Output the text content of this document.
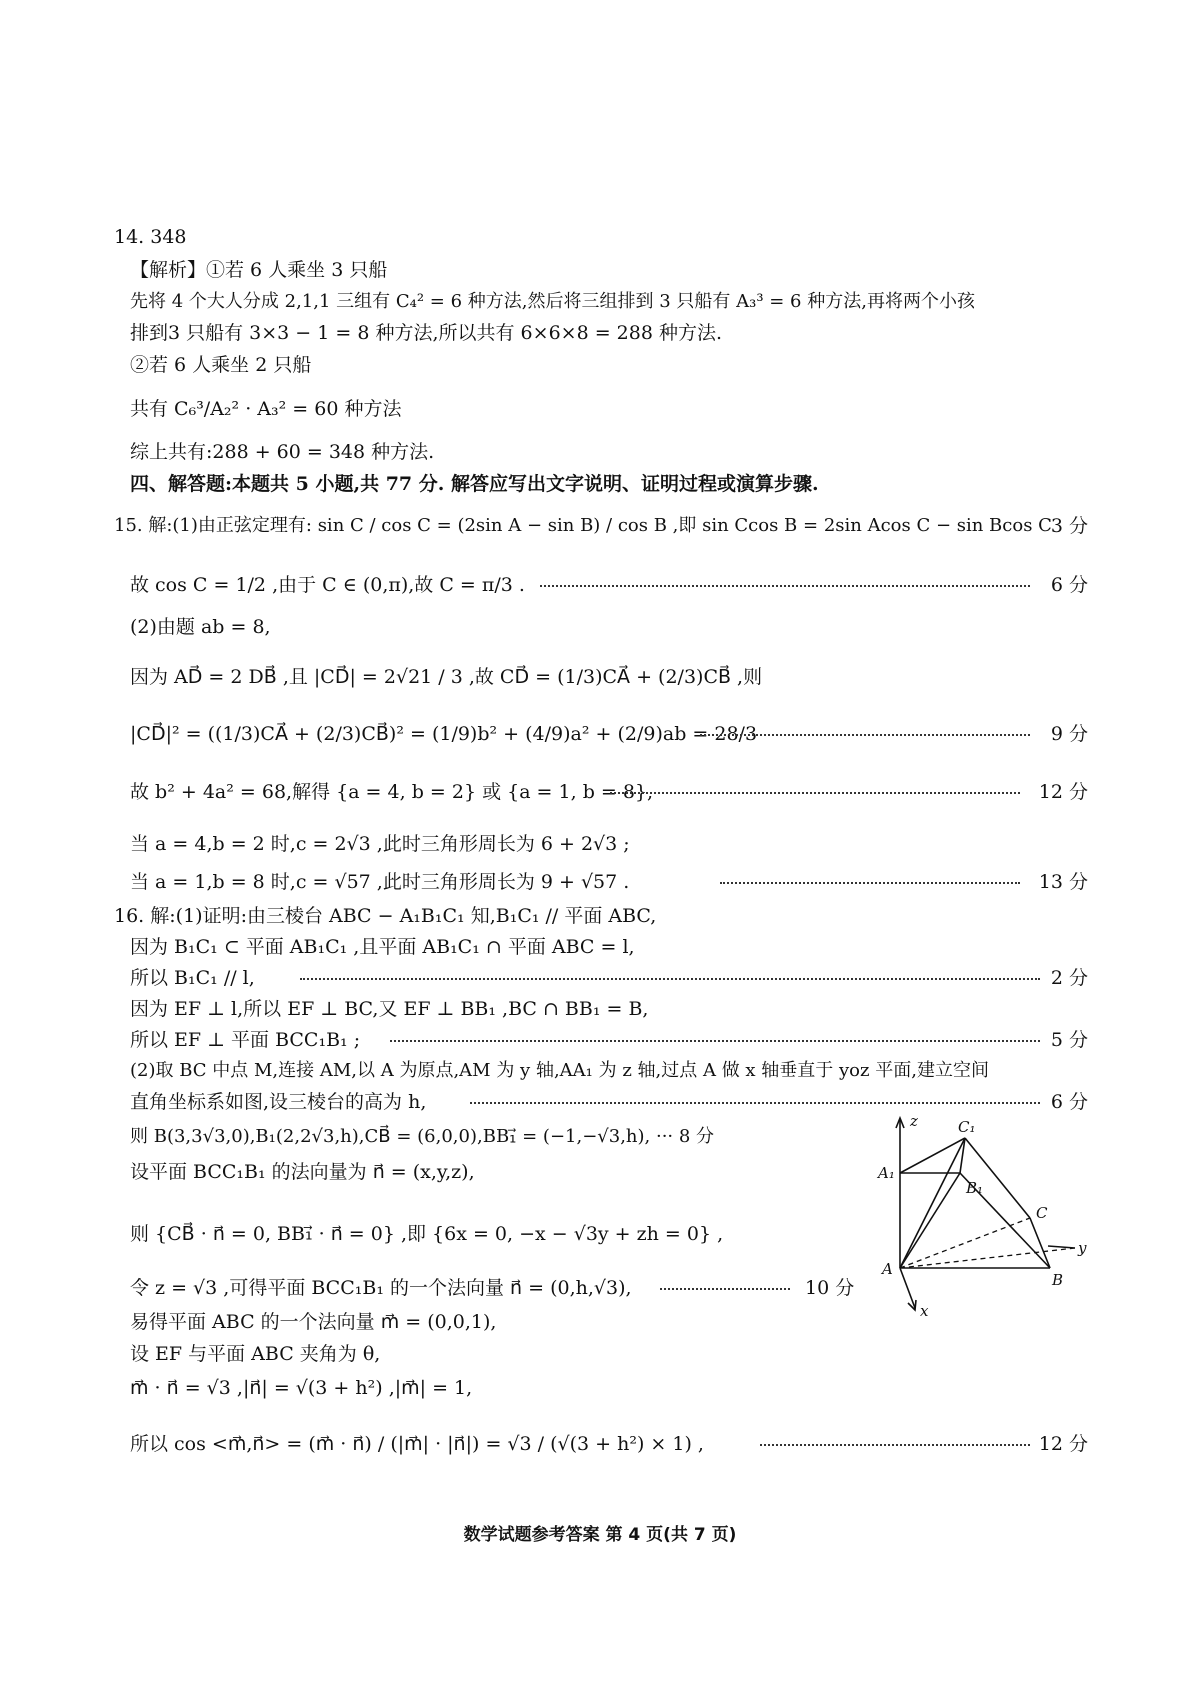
14. 348
【解析】①若 6 人乘坐 3 只船
先将 4 个大人分成 2,1,1 三组有 C₄² = 6 种方法,然后将三组排到 3 只船有 A₃³ = 6 种方法,再将两个小孩
排到3 只船有 3×3 − 1 = 8 种方法,所以共有 6×6×8 = 288 种方法.
②若 6 人乘坐 2 只船
共有 C₆³/A₂² · A₃² = 60 种方法
综上共有:288 + 60 = 348 种方法.
四、解答题:本题共 5 小题,共 77 分. 解答应写出文字说明、证明过程或演算步骤.
15. 解:(1)由正弦定理有: sin C / cos C = (2sin A − sin B) / cos B ,即 sin Ccos B = 2sin Acos C − sin Bcos C
3 分
故 cos C = 1/2 ,由于 C ∈ (0,π),故 C = π/3 .	6 分
(2)由题 ab = 8,
因为 AD⃗ = 2 DB⃗ ,且 |CD⃗| = 2√21 / 3 ,故 CD⃗ = (1/3)CA⃗ + (2/3)CB⃗ ,则
|CD⃗|² = ((1/3)CA⃗ + (2/3)CB⃗)² = (1/9)b² + (4/9)a² + (2/9)ab = 28/3	9 分
故 b² + 4a² = 68,解得 {a = 4, b = 2} 或 {a = 1, b = 8},	12 分
当 a = 4,b = 2 时,c = 2√3 ,此时三角形周长为 6 + 2√3 ;
当 a = 1,b = 8 时,c = √57 ,此时三角形周长为 9 + √57 .	13 分
16. 解:(1)证明:由三棱台 ABC − A₁B₁C₁ 知,B₁C₁ // 平面 ABC,
因为 B₁C₁ ⊂ 平面 AB₁C₁ ,且平面 AB₁C₁ ∩ 平面 ABC = l,
所以 B₁C₁ // l,	2 分
因为 EF ⊥ l,所以 EF ⊥ BC,又 EF ⊥ BB₁ ,BC ∩ BB₁ = B,
所以 EF ⊥ 平面 BCC₁B₁ ;	5 分
(2)取 BC 中点 M,连接 AM,以 A 为原点,AM 为 y 轴,AA₁ 为 z 轴,过点 A 做 x 轴垂直于 yoz 平面,建立空间
直角坐标系如图,设三棱台的高为 h,	6 分
则 B(3,3√3,0),B₁(2,2√3,h),CB⃗ = (6,0,0),BB₁⃗ = (−1,−√3,h), ··· 8 分
设平面 BCC₁B₁ 的法向量为 n⃗ = (x,y,z),
则 {CB⃗ · n⃗ = 0, BB₁⃗ · n⃗ = 0} ,即 {6x = 0, −x − √3y + zh = 0} ,
令 z = √3 ,可得平面 BCC₁B₁ 的一个法向量 n⃗ = (0,h,√3),	10 分
易得平面 ABC 的一个法向量 m⃗ = (0,0,1),
设 EF 与平面 ABC 夹角为 θ,
m⃗ · n⃗ = √3 ,|n⃗| = √(3 + h²) ,|m⃗| = 1,
所以 cos <m⃗,n⃗> = (m⃗ · n⃗) / (|m⃗| · |n⃗|) = √3 / (√(3 + h²) × 1) ,	12 分
z
y
x
A
B
C
A₁
B₁
C₁
数学试题参考答案 第 4 页(共 7 页)
